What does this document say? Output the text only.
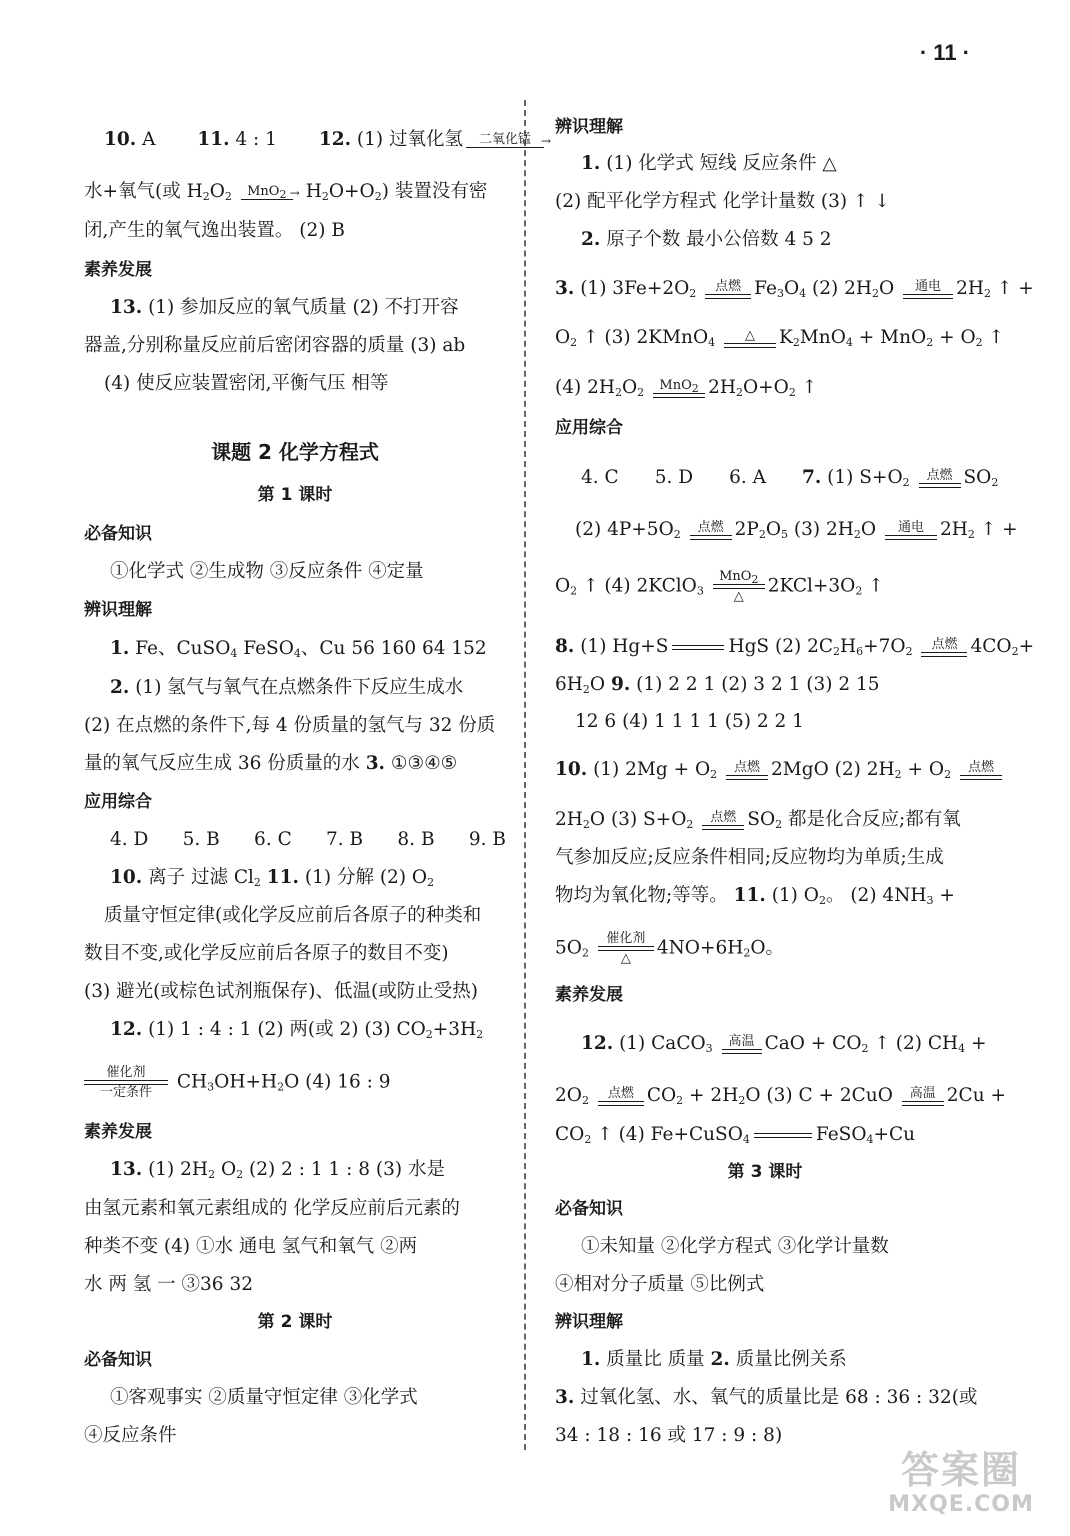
· 11 ·
10. A 11. 4 : 1 12. (1) 过氧化氢	二氧化锰 →
水+氧气(或 $H_2O_2$	$MnO_2 \to H_2O+O_2$) 装置没有密
闭,产生的氧气逸出装置。 (2) B
素养发展
13. (1) 参加反应的氧气质量 (2) 不打开容
器盖,分别称量反应前后密闭容器的质量 (3) ab
(4) 使反应装置密闭,平衡气压 相等
课题 2 化学方程式
第 1 课时
必备知识
①化学式 ②生成物 ③反应条件 ④定量
辨识理解
1. Fe、CuSO$_4$ FeSO$_4$、Cu 56 160 64 152
2. (1) 氢气与氧气在点燃条件下反应生成水
(2) 在点燃的条件下,每 4 份质量的氢气与 32 份质
量的氧气反应生成 36 份质量的水 3. ①③④⑤
应用综合
4. D 5. B 6. C 7. B 8. B 9. B
10. 离子 过滤 $Cl_2$ 11. (1) 分解 (2) $O_2$
质量守恒定律(或化学反应前后各原子的种类和
数目不变,或化学反应前后各原子的数目不变)
(3) 避光(或棕色试剂瓶保存)、低温(或防止受热)
12. (1) 1 : 4 : 1 (2) 两(或 2) (3) $CO_2+3H_2$
催化剂
一定条件	$CH_3OH+H_2O$ (4) 16 : 9
素养发展
13. (1) $2H_2$ $O_2$ (2) 2 : 1 1 : 8 (3) 水是
由氢元素和氧元素组成的 化学反应前后元素的
种类不变 (4) ①水 通电 氢气和氧气 ②两
水 两 氢 一 ③36 32
第 2 课时
必备知识
①客观事实 ②质量守恒定律 ③化学式
④反应条件
辨识理解
1. (1) 化学式 短线 反应条件 △
(2) 配平化学方程式 化学计量数 (3) ↑ ↓
2. 原子个数 最小公倍数 4 5 2
3. (1) $3Fe+2O_2$	点燃 $Fe_3O_4$ (2) $2H_2O$	通电 $2H_2$ ↑ +
$O_2$ ↑ (3) 2KMnO$_4$	△	$K_2MnO_4 + MnO_2 + O_2$ ↑
(4) $2H_2O_2$	MnO$_2$ $2H_2O+O_2$ ↑
应用综合
4. C 5. D 6. A 7. (1) $S+O_2$	点燃 $SO_2$
(2) $4P+5O_2$	点燃 $2P_2O_5$ (3) $2H_2O$	通电 $2H_2$ ↑ +
$O_2$ ↑ (4) 2KClO$_3$
MnO$_2$
△	$2KCl+3O_2$ ↑
8. (1) Hg+S	HgS (2) $2C_2H_6+7O_2$	点燃 $4CO_2+$
$6H_2O$ 9. (1) 2 2 1 (2) 3 2 1 (3) 2 15
12 6 (4) 1 1 1 1 (5) 2 2 1
10. (1) $2Mg + O_2$	点燃 2MgO (2) $2H_2 + O_2$	点燃
$2H_2O$ (3) $S+O_2$	点燃 $SO_2$ 都是化合反应;都有氧
气参加反应;反应条件相同;反应物均为单质;生成
物均为氧化物;等等。 11. (1) $O_2$。 (2) $4NH_3$ +
$5O_2$
催化剂
△	$4NO+6H_2O$。
素养发展
12. (1) CaCO$_3$	高温 CaO + $CO_2$ ↑ (2) $CH_4$ +
$2O_2$	点燃 $CO_2 + 2H_2O$ (3) C + 2CuO	高温 2Cu +
$CO_2$ ↑ (4) Fe+CuSO$_4$	FeSO$_4$+Cu
第 3 课时
必备知识
①未知量 ②化学方程式 ③化学计量数
④相对分子质量 ⑤比例式
辨识理解
1. 质量比 质量 2. 质量比例关系
3. 过氧化氢、水、氧气的质量比是 68 : 36 : 32(或
34 : 18 : 16 或 17 : 9 : 8)
答案圈
MXQE.COM
